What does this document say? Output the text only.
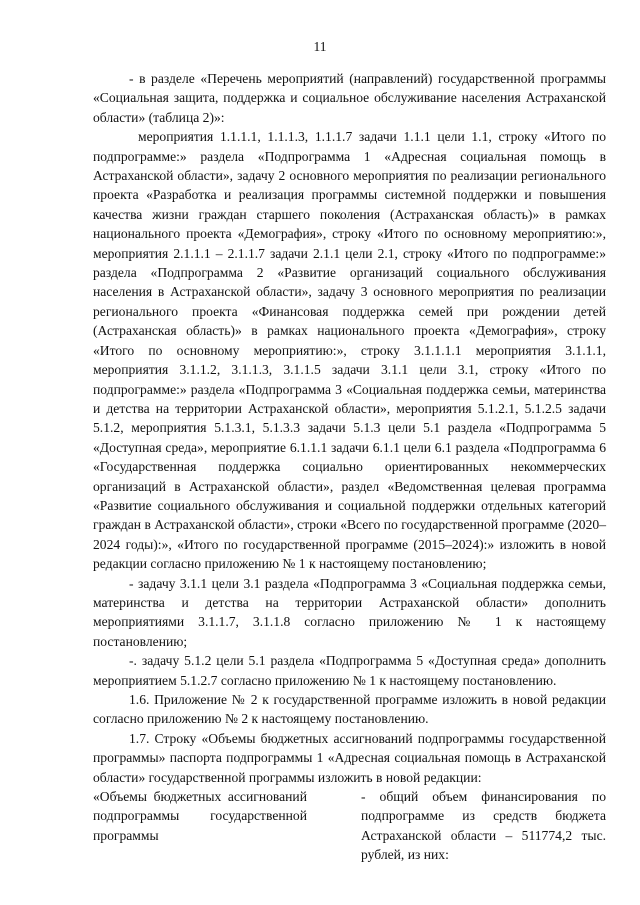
11

- в разделе «Перечень мероприятий (направлений) государственной программы «Социальная защита, поддержка и социальное обслуживание населения Астраханской области» (таблица 2)»:

мероприятия 1.1.1.1, 1.1.1.3, 1.1.1.7 задачи 1.1.1 цели 1.1, строку «Итого по подпрограмме:» раздела «Подпрограмма 1 «Адресная социальная помощь в Астраханской области», задачу 2 основного мероприятия по реализации регионального проекта «Разработка и реализация программы системной поддержки и повышения качества жизни граждан старшего поколения (Астраханская область)» в рамках национального проекта «Демография», строку «Итого по основному мероприятию:», мероприятия 2.1.1.1 – 2.1.1.7 задачи 2.1.1 цели 2.1, строку «Итого по подпрограмме:» раздела «Подпрограмма 2 «Развитие организаций социального обслуживания населения в Астраханской области», задачу 3 основного мероприятия по реализации регионального проекта «Финансовая поддержка семей при рождении детей (Астраханская область)» в рамках национального проекта «Демография», строку «Итого по основному мероприятию:», строку 3.1.1.1.1 мероприятия 3.1.1.1, мероприятия 3.1.1.2, 3.1.1.3, 3.1.1.5 задачи 3.1.1 цели 3.1, строку «Итого по подпрограмме:» раздела «Подпрограмма 3 «Социальная поддержка семьи, материнства и детства на территории Астраханской области», мероприятия 5.1.2.1, 5.1.2.5 задачи 5.1.2, мероприятия 5.1.3.1, 5.1.3.3 задачи 5.1.3 цели 5.1 раздела «Подпрограмма 5 «Доступная среда», мероприятие 6.1.1.1 задачи 6.1.1 цели 6.1 раздела «Подпрограмма 6 «Государственная поддержка социально ориентированных некоммерческих организаций в Астраханской области», раздел «Ведомственная целевая программа «Развитие социального обслуживания и социальной поддержки отдельных категорий граждан в Астраханской области», строки «Всего по государственной программе (2020–2024 годы):», «Итого по государственной программе (2015–2024):» изложить в новой редакции согласно приложению № 1 к настоящему постановлению;

- задачу 3.1.1 цели 3.1 раздела «Подпрограмма 3 «Социальная поддержка семьи, материнства и детства на территории Астраханской области» дополнить мероприятиями 3.1.1.7, 3.1.1.8 согласно приложению № 1 к настоящему постановлению;

-. задачу 5.1.2 цели 5.1 раздела «Подпрограмма 5 «Доступная среда» дополнить мероприятием 5.1.2.7 согласно приложению № 1 к настоящему постановлению.

1.6. Приложение № 2 к государственной программе изложить в новой редакции согласно приложению № 2 к настоящему постановлению.

1.7. Строку «Объемы бюджетных ассигнований подпрограммы государственной программы» паспорта подпрограммы 1 «Адресная социальная помощь в Астраханской области» государственной программы изложить в новой редакции:

«Объемы бюджетных ассигнований подпрограммы государственной программы
- общий объем финансирования по подпрограмме из средств бюджета Астраханской области – 511774,2 тыс. рублей, из них:
